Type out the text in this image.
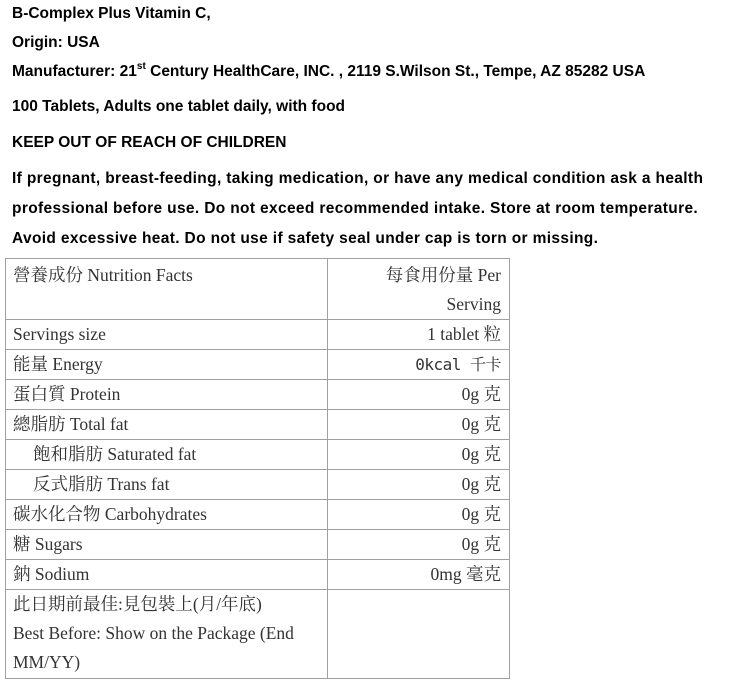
B-Complex Plus Vitamin C,
Origin: USA
Manufacturer: 21st Century HealthCare, INC. , 2119 S.Wilson St., Tempe, AZ 85282 USA
100 Tablets, Adults one tablet daily, with food
KEEP OUT OF REACH OF CHILDREN
If pregnant, breast-feeding, taking medication, or have any medical condition ask a health
professional before use. Do not exceed recommended intake. Store at room temperature.
Avoid excessive heat. Do not use if safety seal under cap is torn or missing.
營養成份 Nutrition Facts	每食用份量 Per
Serving
Servings size	1 tablet 粒
能量 Energy	0kcal 千卡
蛋白質 Protein	0g 克
總脂肪 Total fat	0g 克
飽和脂肪 Saturated fat	0g 克
反式脂肪 Trans fat	0g 克
碳水化合物 Carbohydrates	0g 克
糖 Sugars	0g 克
鈉 Sodium	0mg 毫克
此日期前最佳:見包裝上(月/年底)
Best Before: Show on the Package (End MM/YY)	
